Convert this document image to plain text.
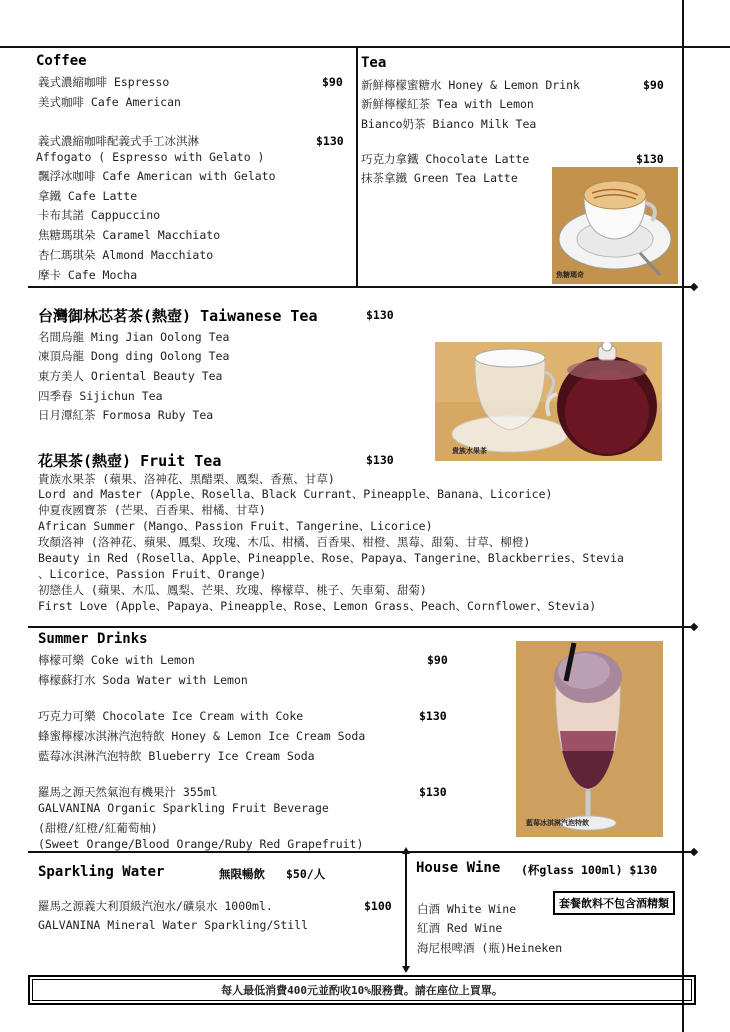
Coffee
義式濃縮咖啡 Espresso	$90
美式咖啡 Cafe American
義式濃縮咖啡配義式手工冰淇淋	$130
Affogato ( Espresso with Gelato )
飄浮冰咖啡 Cafe American with Gelato
拿鐵 Cafe Latte
卡布其諾 Cappuccino
焦糖瑪琪朵 Caramel Macchiato
杏仁瑪琪朵 Almond Macchiato
摩卡 Cafe Mocha
Tea
新鮮檸檬蜜糖水 Honey & Lemon Drink	$90
新鮮檸檬紅茶 Tea with Lemon
Bianco奶茶 Bianco Milk Tea
巧克力拿鐵 Chocolate Latte	$130
抹茶拿鐵 Green Tea Latte
焦糖瑪奇
台灣御林芯茗茶(熱壺) Taiwanese Tea	$130
名間烏龍 Ming Jian Oolong Tea
凍頂烏龍 Dong ding Oolong Tea
東方美人 Oriental Beauty Tea
四季春 Sijichun Tea
日月潭紅茶 Formosa Ruby Tea
貴族水果茶
花果茶(熱壺) Fruit Tea	$130
貴族水果茶 (蘋果、洛神花、黑醋栗、鳳梨、香蕉、甘草)
Lord and Master (Apple、Rosella、Black Currant、Pineapple、Banana、Licorice)
仲夏夜國寶茶 (芒果、百香果、柑橘、甘草)
African Summer (Mango、Passion Fruit、Tangerine、Licorice)
玫顏洛神 (洛神花、蘋果、鳳梨、玫瑰、木瓜、柑橘、百香果、柑橙、黑莓、甜菊、甘草、柳橙)
Beauty in Red (Rosella、Apple、Pineapple、Rose、Papaya、Tangerine、Blackberries、Stevia
、Licorice、Passion Fruit、Orange)
初戀佳人 (蘋果、木瓜、鳳梨、芒果、玫瑰、檸檬草、桃子、矢車菊、甜菊)
First Love (Apple、Papaya、Pineapple、Rose、Lemon Grass、Peach、Cornflower、Stevia)
Summer Drinks
檸檬可樂 Coke with Lemon	$90
檸檬蘇打水 Soda Water with Lemon
巧克力可樂 Chocolate Ice Cream with Coke	$130
蜂蜜檸檬冰淇淋汽泡特飲 Honey & Lemon Ice Cream Soda
藍莓冰淇淋汽泡特飲 Blueberry Ice Cream Soda
羅馬之源天然氣泡有機果汁 355ml	$130
GALVANINA Organic Sparkling Fruit Beverage
(甜橙/紅橙/紅葡萄柚)
(Sweet Orange/Blood Orange/Ruby Red Grapefruit)
藍莓冰淇淋汽泡特飲
Sparkling Water	無限暢飲 $50/人
羅馬之源義大利頂級汽泡水/礦泉水 1000ml.	$100
GALVANINA Mineral Water Sparkling/Still
House Wine (杯glass 100ml) $130
套餐飲料不包含酒精類
白酒 White Wine
紅酒 Red Wine
海尼根啤酒 (瓶)Heineken
每人最低消費400元並酌收10%服務費。請在座位上買單。
